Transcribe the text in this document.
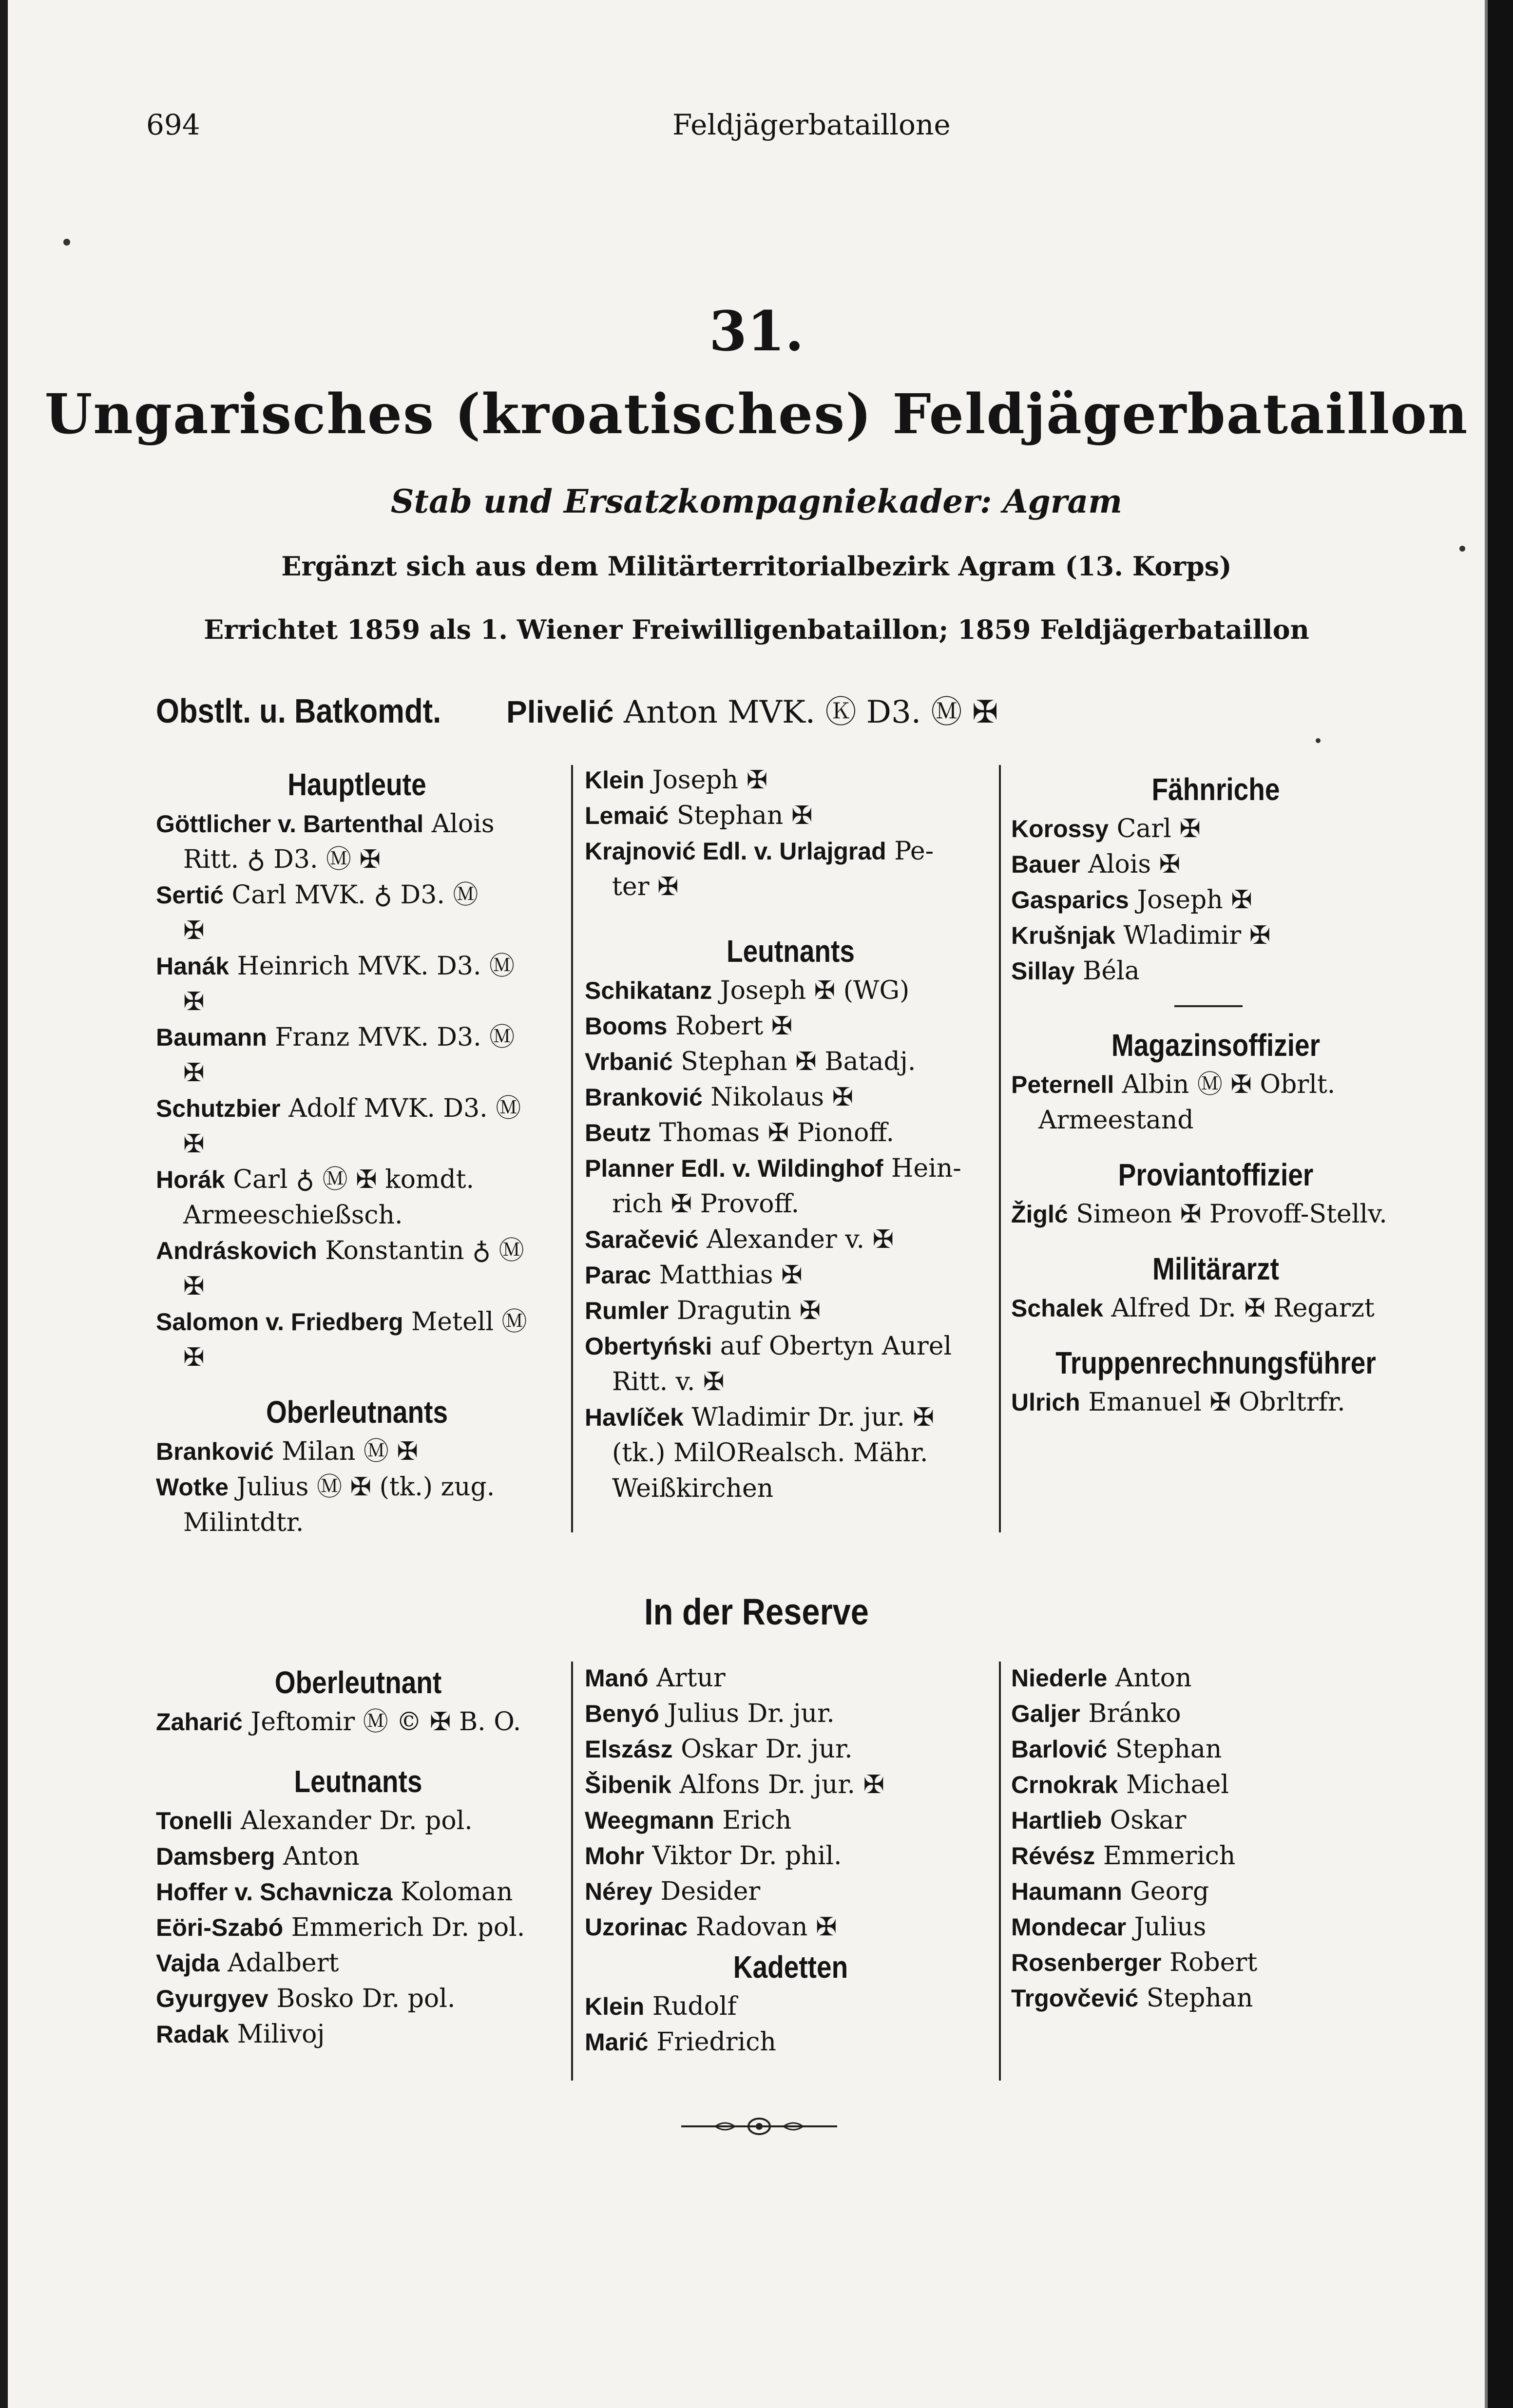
694	Feldjägerbataillone
31.
Ungarisches (kroatisches) Feldjägerbataillon
Stab und Ersatzkompagniekader: Agram
Ergänzt sich aus dem Militärterritorialbezirk Agram (13. Korps)
Errichtet 1859 als 1. Wiener Freiwilligenbataillon; 1859 Feldjägerbataillon
Obstlt. u. Batkomdt. Plivelić Anton MVK. Ⓚ D3. Ⓜ ✠

Hauptleute

Göttlicher v. Bartenthal Alois

Ritt. ♁ D3. Ⓜ ✠

Sertić Carl MVK. ♁ D3. Ⓜ

✠

Hanák Heinrich MVK. D3. Ⓜ

✠

Baumann Franz MVK. D3. Ⓜ

✠

Schutzbier Adolf MVK. D3. Ⓜ

✠

Horák Carl ♁ Ⓜ ✠ komdt.

Armeeschießsch.

Andráskovich Konstantin ♁ Ⓜ

✠

Salomon v. Friedberg Metell Ⓜ

✠

Oberleutnants

Branković Milan Ⓜ ✠

Wotke Julius Ⓜ ✠ (tk.) zug.

Milintdtr.

Klein Joseph ✠

Lemaić Stephan ✠

Krajnović Edl. v. Urlajgrad Pe-

ter ✠

Leutnants

Schikatanz Joseph ✠ (WG)

Booms Robert ✠

Vrbanić Stephan ✠ Batadj.

Branković Nikolaus ✠

Beutz Thomas ✠ Pionoff.

Planner Edl. v. Wildinghof Hein-

rich ✠ Provoff.

Saračević Alexander v. ✠

Parac Matthias ✠

Rumler Dragutin ✠

Obertyński auf Obertyn Aurel

Ritt. v. ✠

Havlíček Wladimir Dr. jur. ✠

(tk.) MilORealsch. Mähr.

Weißkirchen

Fähnriche

Korossy Carl ✠

Bauer Alois ✠

Gasparics Joseph ✠

Krušnjak Wladimir ✠

Sillay Béla

Magazinsoffizier

Peternell Albin Ⓜ ✠ Obrlt.

Armeestand

Proviantoffizier

Žiglć Simeon ✠ Provoff-Stellv.

Militärarzt

Schalek Alfred Dr. ✠ Regarzt

Truppenrechnungsführer

Ulrich Emanuel ✠ Obrltrfr.

In der Reserve

Oberleutnant

Zaharić Jeftomir Ⓜ © ✠ B. O.

Leutnants

Tonelli Alexander Dr. pol.

Damsberg Anton

Hoffer v. Schavnicza Koloman

Eöri-Szabó Emmerich Dr. pol.

Vajda Adalbert

Gyurgyev Bosko Dr. pol.

Radak Milivoj

Manó Artur

Benyó Julius Dr. jur.

Elszász Oskar Dr. jur.

Šibenik Alfons Dr. jur. ✠

Weegmann Erich

Mohr Viktor Dr. phil.

Nérey Desider

Uzorinac Radovan ✠

Kadetten

Klein Rudolf

Marić Friedrich

Niederle Anton

Galjer Bránko

Barlović Stephan

Crnokrak Michael

Hartlieb Oskar

Révész Emmerich

Haumann Georg

Mondecar Julius

Rosenberger Robert

Trgovčević Stephan
